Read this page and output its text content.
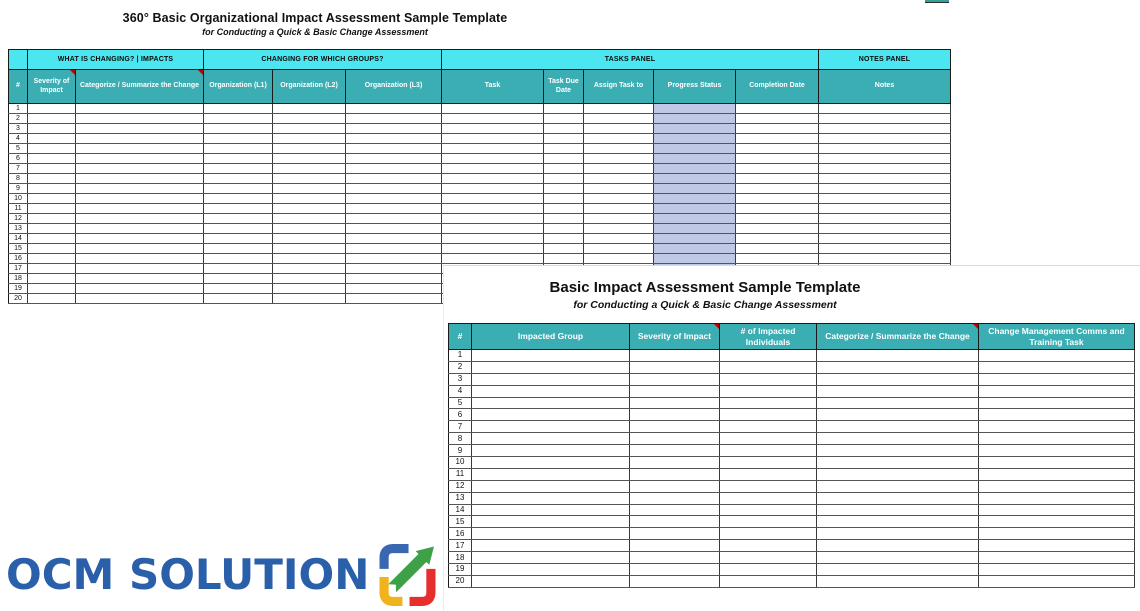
360° Basic Organizational Impact Assessment Sample Template
for Conducting a Quick & Basic Change Assessment
	WHAT IS CHANGING? | IMPACTS		CHANGING FOR WHICH GROUPS?			TASKS PANEL					NOTES PANEL

#	Severity of Impact	Categorize / Summarize the Change	Organization (L1)	Organization (L2)	Organization (L3)	Task	Task Due Date	Assign Task to	Progress Status	Completion Date	Notes

1											
2											
3											
4											
5											
6											
7											
8											
9											
10											
11											
12											
13											
14											
15											
16											
17											
18											
19											
20											
Basic Impact Assessment Sample Template
for Conducting a Quick & Basic Change Assessment
#	Impacted Group	Severity of Impact	# of Impacted Individuals	Categorize / Summarize the Change	Change Management Comms and Training Task

1					
2					
3					
4					
5					
6					
7					
8					
9					
10					
11					
12					
13					
14					
15					
16					
17					
18					
19					
20					
OCM SOLUTION
